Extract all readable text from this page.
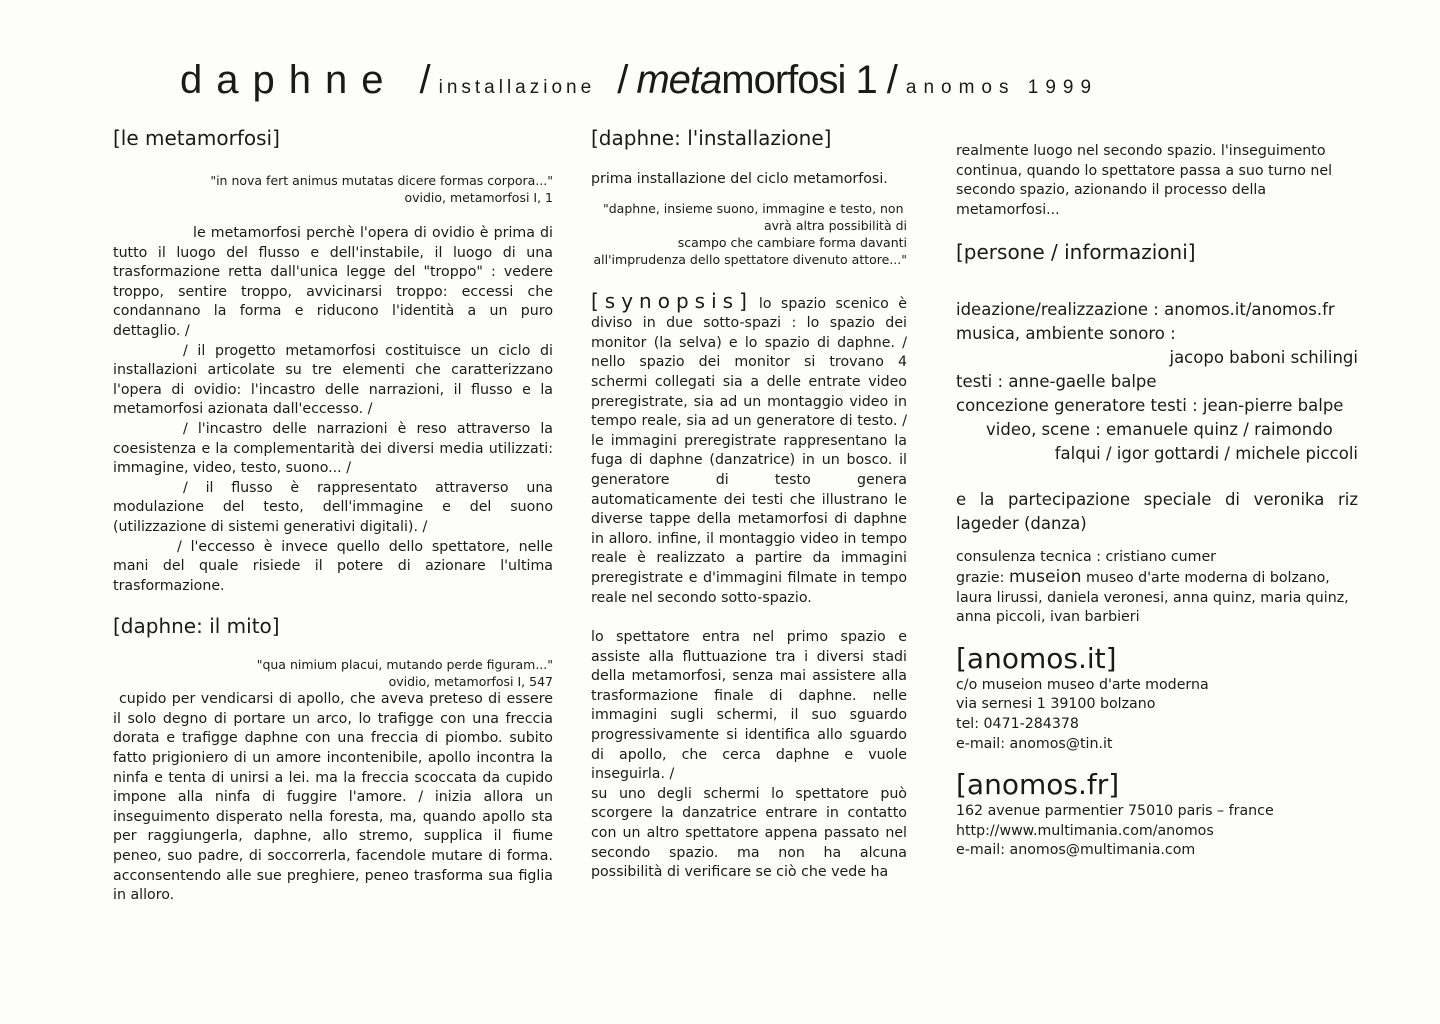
daphne / installazione / metamorfosi 1 / anomos 1999
[le metamorfosi]

"in nova fert animus mutatas dicere formas corpora..."

ovidio, metamorfosi I, 1

le metamorfosi perchè l'opera di ovidio è prima di tutto il luogo del flusso e dell'instabile, il luogo di una trasformazione retta dall'unica legge del "troppo" : vedere troppo, sentire troppo, avvicinarsi troppo: eccessi che condannano la forma e riducono l'identità a un puro dettaglio. /

/ il progetto metamorfosi costituisce un ciclo di installazioni articolate su tre elementi che caratterizzano l'opera di ovidio: l'incastro delle narrazioni, il flusso e la metamorfosi azionata dall'eccesso. /

/ l'incastro delle narrazioni è reso attraverso la coesistenza e la complementarità dei diversi media utilizzati: immagine, video, testo, suono... /

/ il flusso è rappresentato attraverso una modulazione del testo, dell'immagine e del suono (utilizzazione di sistemi generativi digitali). /

/ l'eccesso è invece quello dello spettatore, nelle mani del quale risiede il potere di azionare l'ultima trasformazione.

[daphne: il mito]

"qua nimium placui, mutando perde figuram..."

ovidio, metamorfosi I, 547

cupido per vendicarsi di apollo, che aveva preteso di essere il solo degno di portare un arco, lo trafigge con una freccia dorata e trafigge daphne con una freccia di piombo. subito fatto prigioniero di un amore incontenibile, apollo incontra la ninfa e tenta di unirsi a lei. ma la freccia scoccata da cupido impone alla ninfa di fuggire l'amore. / inizia allora un inseguimento disperato nella foresta, ma, quando apollo sta per raggiungerla, daphne, allo stremo, supplica il fiume peneo, suo padre, di soccorrerla, facendole mutare di forma. acconsentendo alle sue preghiere, peneo trasforma sua figlia in alloro.

[daphne: l'installazione]

prima installazione del ciclo metamorfosi.

"daphne, insieme suono, immagine e testo, non

avrà altra possibilità di

scampo che cambiare forma davanti

all'imprudenza dello spettatore divenuto attore..."

[synopsis] lo spazio scenico è diviso in due sotto-spazi : lo spazio dei monitor (la selva) e lo spazio di daphne. / nello spazio dei monitor si trovano 4 schermi collegati sia a delle entrate video preregistrate, sia ad un montaggio video in tempo reale, sia ad un generatore di testo. / le immagini preregistrate rappresentano la fuga di daphne (danzatrice) in un bosco. il generatore di testo genera automaticamente dei testi che illustrano le diverse tappe della metamorfosi di daphne in alloro. infine, il montaggio video in tempo reale è realizzato a partire da immagini preregistrate e d'immagini filmate in tempo reale nel secondo sotto-spazio.

lo spettatore entra nel primo spazio e assiste alla fluttuazione tra i diversi stadi della metamorfosi, senza mai assistere alla trasformazione finale di daphne. nelle immagini sugli schermi, il suo sguardo progressivamente si identifica allo sguardo di apollo, che cerca daphne e vuole inseguirla. /

su uno degli schermi lo spettatore può scorgere la danzatrice entrare in contatto con un altro spettatore appena passato nel secondo spazio. ma non ha alcuna possibilità di verificare se ciò che vede ha

realmente luogo nel secondo spazio. l'inseguimento continua, quando lo spettatore passa a suo turno nel secondo spazio, azionando il processo della metamorfosi...

[persone / informazioni]

ideazione/realizzazione : anomos.it/anomos.fr

musica, ambiente sonoro :

jacopo baboni schilingi

testi : anne-gaelle balpe

concezione generatore testi : jean-pierre balpe

video, scene : emanuele quinz / raimondo

falqui / igor gottardi / michele piccoli

e la partecipazione speciale di veronika riz lageder (danza)

consulenza tecnica : cristiano cumer

grazie: museion museo d'arte moderna di bolzano, laura lirussi, daniela veronesi, anna quinz, maria quinz, anna piccoli, ivan barbieri

[anomos.it]

c/o museion museo d'arte moderna

via sernesi 1 39100 bolzano

tel: 0471-284378

e-mail: anomos@tin.it

[anomos.fr]

162 avenue parmentier 75010 paris – france

http://www.multimania.com/anomos

e-mail: anomos@multimania.com
